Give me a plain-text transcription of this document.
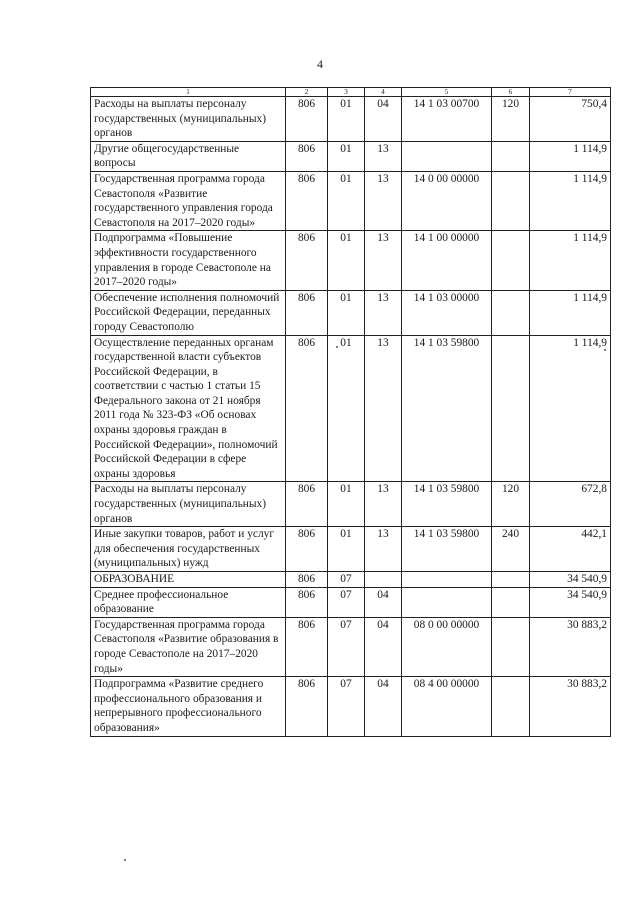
4
1	2	3	4	5	6	7
Расходы на выплаты персоналу государственных (муниципальных) органов	806	01	04	14 1 03 00700	120	750,4
Другие общегосударственные вопросы	806	01	13			1 114,9
Государственная программа города Севастополя «Развитие государственного управления города Севастополя на 2017–2020 годы»	806	01	13	14 0 00 00000		1 114,9
Подпрограмма «Повышение эффективности государственного управления в городе Севастополе на 2017–2020 годы»	806	01	13	14 1 00 00000		1 114,9
Обеспечение исполнения полномочий Российской Федерации, переданных городу Севастополю	806	01	13	14 1 03 00000		1 114,9
Осуществление переданных органам государственной власти субъектов Российской Федерации, в соответствии с частью 1 статьи 15 Федерального закона от 21 ноября 2011 года № 323-ФЗ «Об основах охраны здоровья граждан в Российской Федерации», полномочий Российской Федерации в сфере охраны здоровья	806	01	13	14 1 03 59800		1 114,9
Расходы на выплаты персоналу государственных (муниципальных) органов	806	01	13	14 1 03 59800	120	672,8
Иные закупки товаров, работ и услуг для обеспечения государственных (муниципальных) нужд	806	01	13	14 1 03 59800	240	442,1
ОБРАЗОВАНИЕ	806	07				34 540,9
Среднее профессиональное образование	806	07	04			34 540,9
Государственная программа города Севастополя «Развитие образования в городе Севастополе на 2017–2020 годы»	806	07	04	08 0 00 00000		30 883,2
Подпрограмма «Развитие среднего профессионального образования и непрерывного профессионального образования»	806	07	04	08 4 00 00000		30 883,2
